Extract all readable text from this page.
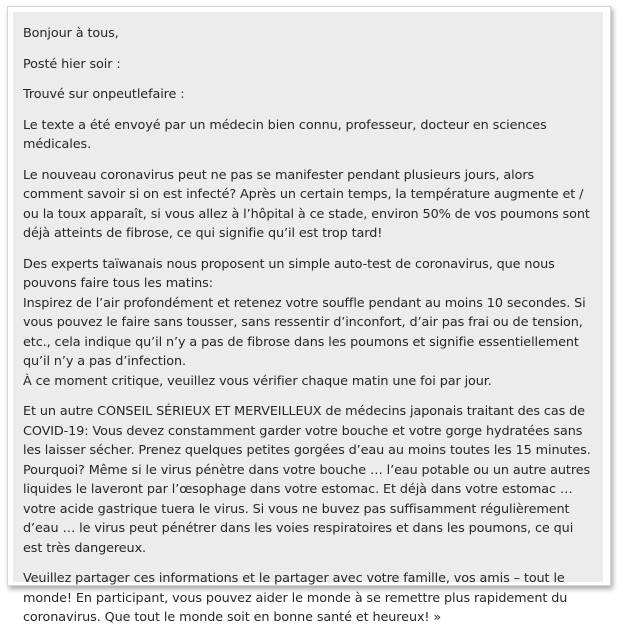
Bonjour à tous,

Posté hier soir :

Trouvé sur onpeutlefaire :

Le texte a été envoyé par un médecin bien connu, professeur, docteur en sciences médicales.

Le nouveau coronavirus peut ne pas se manifester pendant plusieurs jours, alors comment savoir si on est infecté? Après un certain temps, la température augmente et / ou la toux apparaît, si vous allez à l’hôpital à ce stade, environ 50% de vos poumons sont déjà atteints de fibrose, ce qui signifie qu’il est trop tard!

Des experts taïwanais nous proposent un simple auto-test de coronavirus, que nous pouvons faire tous les matins:
Inspirez de l’air profondément et retenez votre souffle pendant au moins 10 secondes. Si vous pouvez le faire sans tousser, sans ressentir d’inconfort, d’air pas frai ou de tension, etc., cela indique qu’il n’y a pas de fibrose dans les poumons et signifie essentiellement qu’il n’y a pas d’infection.
À ce moment critique, veuillez vous vérifier chaque matin une foi par jour.

Et un autre CONSEIL SÉRIEUX ET MERVEILLEUX de médecins japonais traitant des cas de COVID-19: Vous devez constamment garder votre bouche et votre gorge hydratées sans les laisser sécher. Prenez quelques petites gorgées d’eau au moins toutes les 15 minutes. Pourquoi? Même si le virus pénètre dans votre bouche … l’eau potable ou un autre autres liquides le laveront par l’œsophage dans votre estomac. Et déjà dans votre estomac … votre acide gastrique tuera le virus. Si vous ne buvez pas suffisamment régulièrement d’eau … le virus peut pénétrer dans les voies respiratoires et dans les poumons, ce qui est très dangereux.

Veuillez partager ces informations et le partager avec votre famille, vos amis – tout le monde! En participant, vous pouvez aider le monde à se remettre plus rapidement du coronavirus. Que tout le monde soit en bonne santé et heureux! »
